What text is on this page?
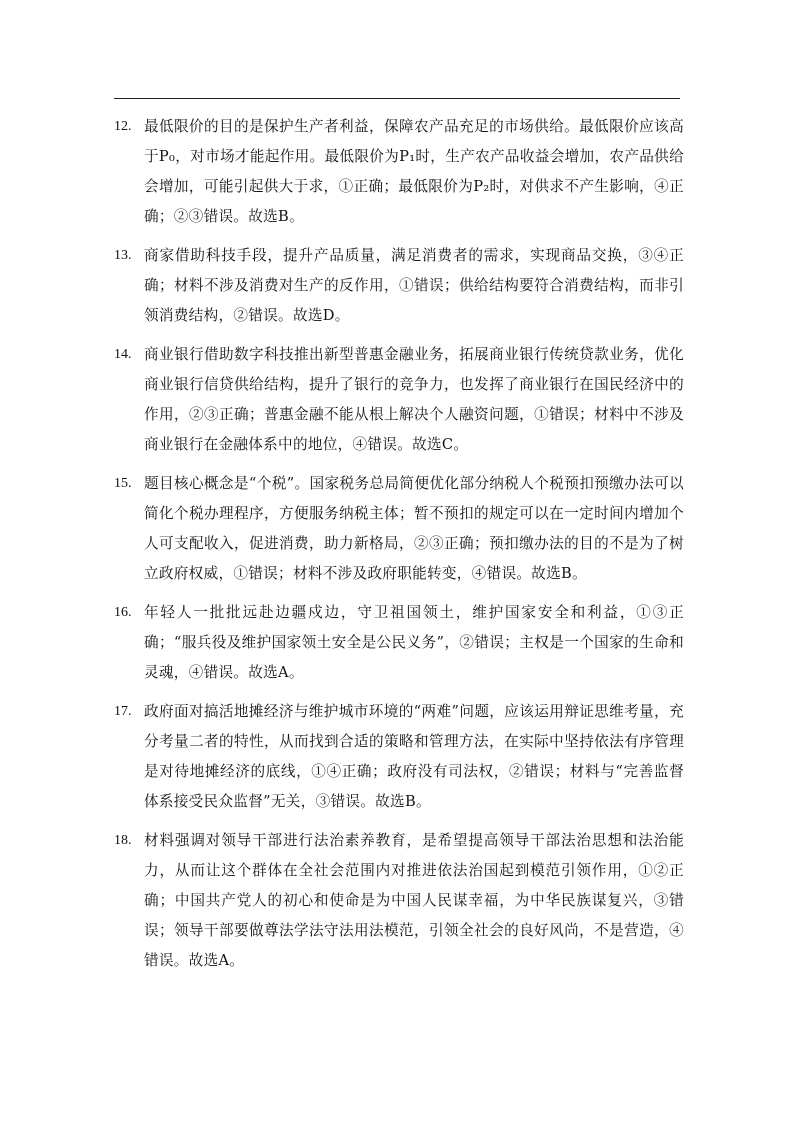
12. 最低限价的目的是保护生产者利益，保障农产品充足的市场供给。最低限价应该高于P₀，对市场才能起作用。最低限价为P₁时，生产农产品收益会增加，农产品供给会增加，可能引起供大于求，①正确；最低限价为P₂时，对供求不产生影响，④正确；②③错误。故选B。
13. 商家借助科技手段，提升产品质量，满足消费者的需求，实现商品交换，③④正确；材料不涉及消费对生产的反作用，①错误；供给结构要符合消费结构，而非引领消费结构，②错误。故选D。
14. 商业银行借助数字科技推出新型普惠金融业务，拓展商业银行传统贷款业务，优化商业银行信贷供给结构，提升了银行的竞争力，也发挥了商业银行在国民经济中的作用，②③正确；普惠金融不能从根上解决个人融资问题，①错误；材料中不涉及商业银行在金融体系中的地位，④错误。故选C。
15. 题目核心概念是“个税”。国家税务总局简便优化部分纳税人个税预扣预缴办法可以简化个税办理程序，方便服务纳税主体；暂不预扣的规定可以在一定时间内增加个人可支配收入，促进消费，助力新格局，②③正确；预扣缴办法的目的不是为了树立政府权威，①错误；材料不涉及政府职能转变，④错误。故选B。
16. 年轻人一批批远赴边疆戍边，守卫祖国领土，维护国家安全和利益，①③正确；“服兵役及维护国家领土安全是公民义务”，②错误；主权是一个国家的生命和灵魂，④错误。故选A。
17. 政府面对搞活地摊经济与维护城市环境的“两难”问题，应该运用辩证思维考量，充分考量二者的特性，从而找到合适的策略和管理方法，在实际中坚持依法有序管理是对待地摊经济的底线，①④正确；政府没有司法权，②错误；材料与“完善监督体系接受民众监督”无关，③错误。故选B。
18. 材料强调对领导干部进行法治素养教育，是希望提高领导干部法治思想和法治能力，从而让这个群体在全社会范围内对推进依法治国起到模范引领作用，①②正确；中国共产党人的初心和使命是为中国人民谋幸福，为中华民族谋复兴，③错误；领导干部要做尊法学法守法用法模范，引领全社会的良好风尚，不是营造，④错误。故选A。
